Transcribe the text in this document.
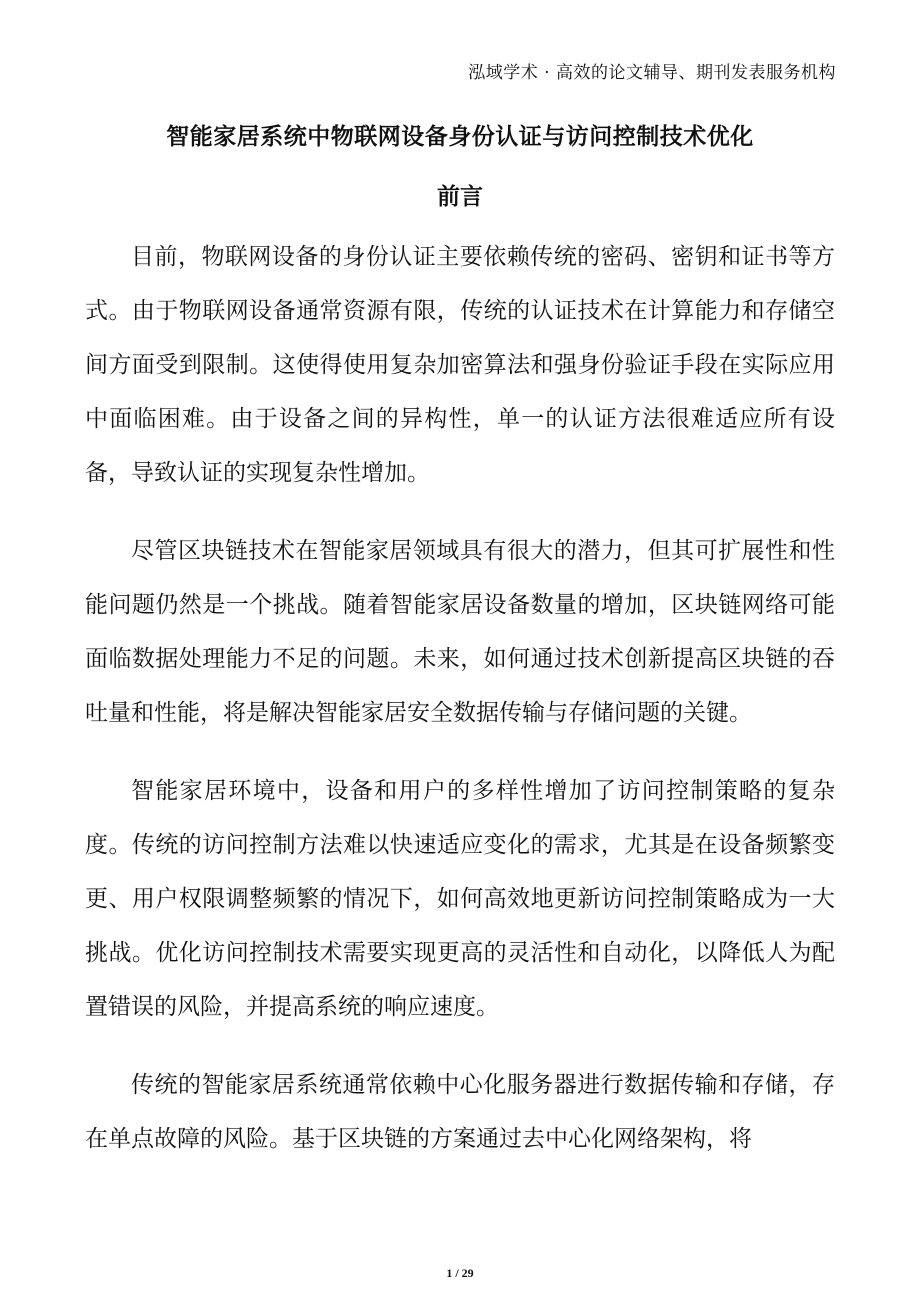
泓域学术 · 高效的论文辅导、期刊发表服务机构
智能家居系统中物联网设备身份认证与访问控制技术优化
前言

目前，物联网设备的身份认证主要依赖传统的密码、密钥和证书等方式。由于物联网设备通常资源有限，传统的认证技术在计算能力和存储空间方面受到限制。这使得使用复杂加密算法和强身份验证手段在实际应用中面临困难。由于设备之间的异构性，单一的认证方法很难适应所有设备，导致认证的实现复杂性增加。

尽管区块链技术在智能家居领域具有很大的潜力，但其可扩展性和性能问题仍然是一个挑战。随着智能家居设备数量的增加，区块链网络可能面临数据处理能力不足的问题。未来，如何通过技术创新提高区块链的吞吐量和性能，将是解决智能家居安全数据传输与存储问题的关键。

智能家居环境中，设备和用户的多样性增加了访问控制策略的复杂度。传统的访问控制方法难以快速适应变化的需求，尤其是在设备频繁变更、用户权限调整频繁的情况下，如何高效地更新访问控制策略成为一大挑战。优化访问控制技术需要实现更高的灵活性和自动化，以降低人为配置错误的风险，并提高系统的响应速度。

传统的智能家居系统通常依赖中心化服务器进行数据传输和存储，存在单点故障的风险。基于区块链的方案通过去中心化网络架构，将

1 / 29
